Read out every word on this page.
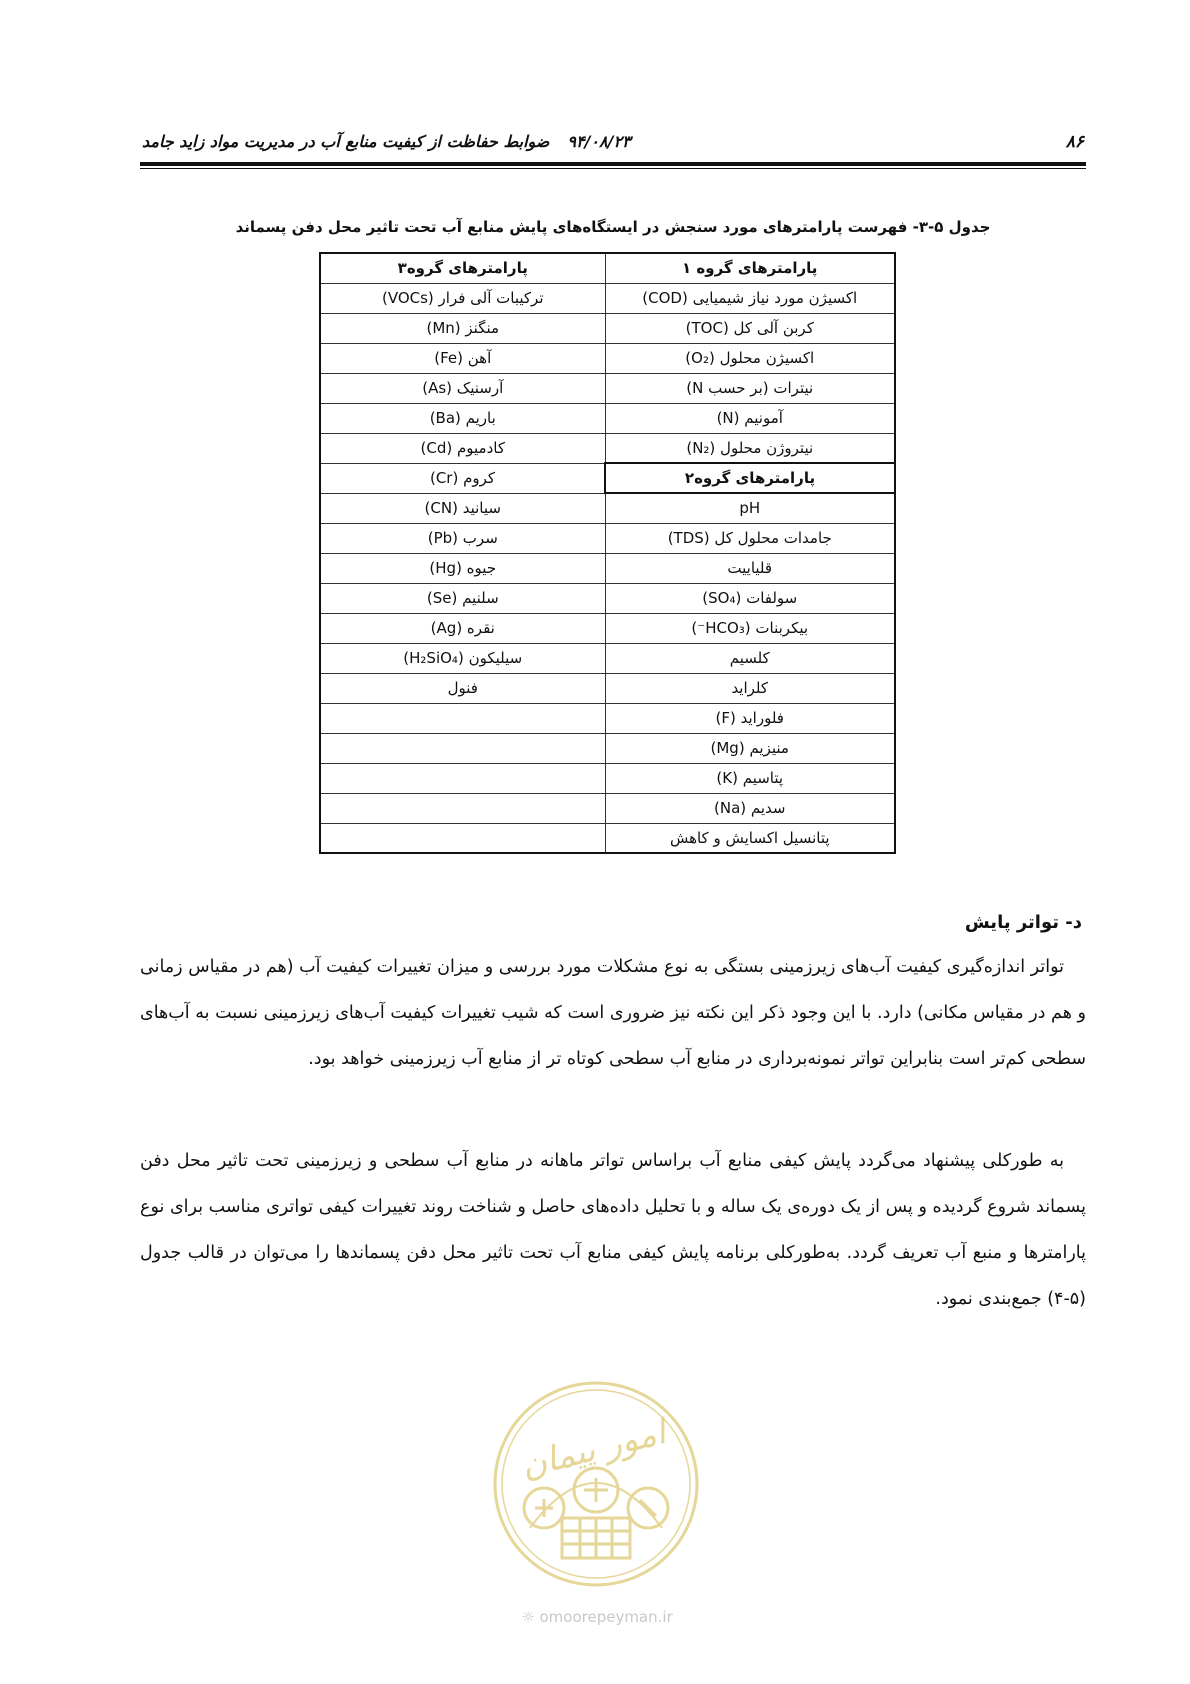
۸۶
۹۴/۰۸/۲۳ضوابط حفاظت از کیفیت منابع آب در مدیریت مواد زاید جامد
جدول ۵-۳- فهرست پارامترهای مورد سنجش در ایستگاه‌های پایش منابع آب تحت تاثیر محل دفن پسماند
پارامترهای گروه ۱	پارامترهای گروه۳
اکسیژن مورد نیاز شیمیایی (COD)	ترکیبات آلی فرار (VOCs)
کربن آلی کل (TOC)	منگنز (Mn)
اکسیژن محلول (O₂)	آهن (Fe)
نیترات (بر حسب N)	آرسنیک (As)
آمونیم (N)	باریم (Ba)
نیتروژن محلول (N₂)	کادمیوم (Cd)
پارامترهای گروه۲	کروم (Cr)
pH	سیانید (CN)
جامدات محلول کل (TDS)	سرب (Pb)
قلیاییت	جیوه (Hg)
سولفات (SO₄)	سلنیم (Se)
بیکربنات (HCO₃⁻)	نقره (Ag)
کلسیم	سیلیکون (H₂SiO₄)
کلراید	فنول
فلوراید (F)	
منیزیم (Mg)	
پتاسیم (K)	
سدیم (Na)	
پتانسیل اکسایش و کاهش	
د- تواتر پایش

تواتر اندازه‌گیری کیفیت آب‌های زیرزمینی بستگی به نوع مشکلات مورد بررسی و میزان تغییرات کیفیت آب (هم در مقیاس زمانی و هم در مقیاس مکانی) دارد. با این وجود ذکر این نکته نیز ضروری است که شیب تغییرات کیفیت آب‌های زیرزمینی نسبت به آب‌های سطحی کم‌تر است بنابراین تواتر نمونه‌برداری در منابع آب سطحی کوتاه تر از منابع آب زیرزمینی خواهد بود.

به طورکلی پیشنهاد می‌گردد پایش کیفی منابع آب براساس تواتر ماهانه در منابع آب سطحی و زیرزمینی تحت تاثیر محل دفن پسماند شروع گردیده و پس از یک دوره‌ی یک ساله و با تحلیل داده‌های حاصل و شناخت روند تغییرات کیفی تواتری مناسب برای نوع پارامترها و منبع آب تعریف گردد. به‌طورکلی برنامه پایش کیفی منابع آب تحت تاثیر محل دفن پسماندها را می‌توان در قالب جدول (۵-۴) جمع‌بندی نمود.

امور پیمان
☼ omoorepeyman.ir
